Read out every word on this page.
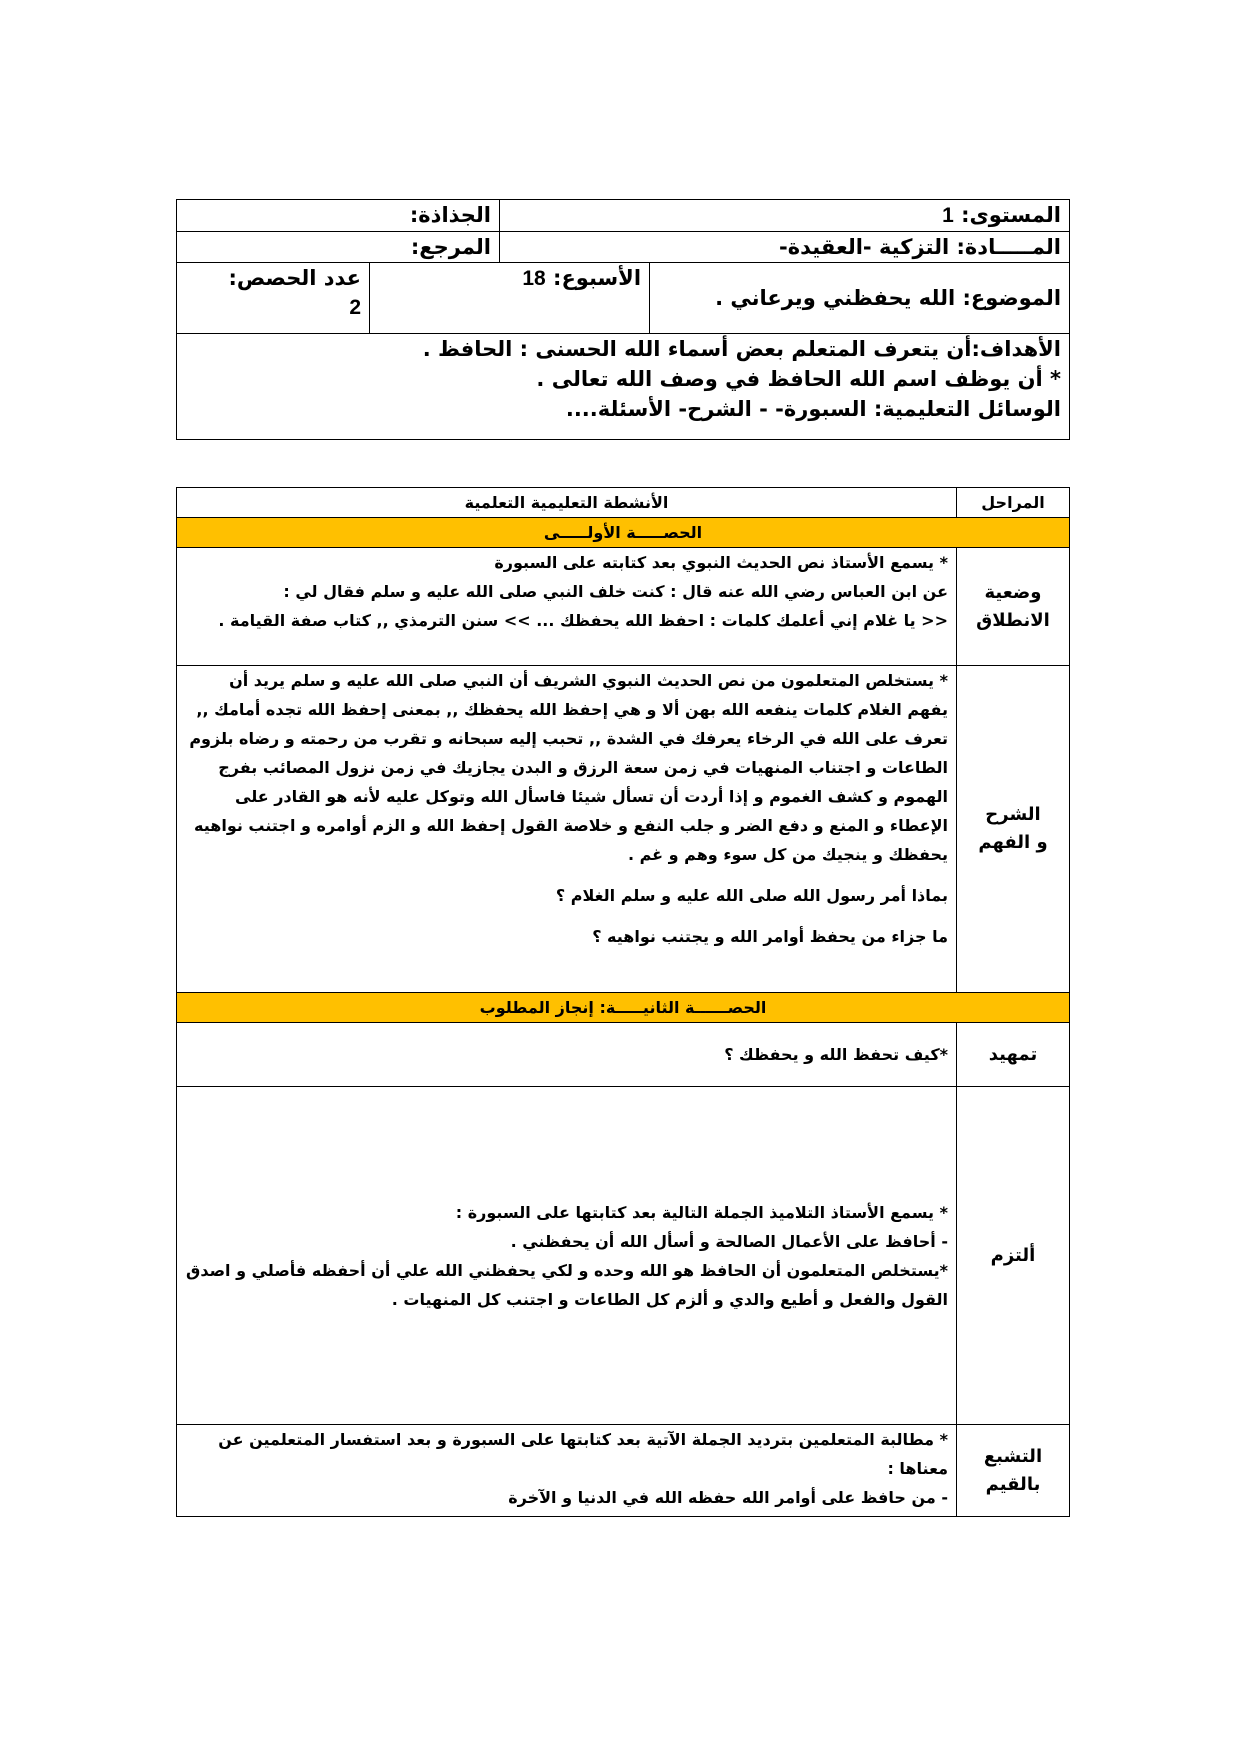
المستوى: 1		الجذاذة:	
المـــــادة: التزكية -العقيدة-		المرجع:	
الموضوع: الله يحفظني ويرعاني .	الأسبوع: 18		عدد الحصص:
2

الأهداف:أن يتعرف المتعلم بعض أسماء الله الحسنى : الحافظ .
* أن يوظف اسم الله الحافظ في وصف الله تعالى .
الوسائل التعليمية: السبورة- - الشرح- الأسئلة....			
المراحل	الأنشطة التعليمية التعلمية
الحصـــــة الأولـــــى	

وضعية
الانطلاق	* يسمع الأستاذ نص الحديث النبوي بعد كتابته على السبورة
عن ابن العباس رضي الله عنه قال : كنت خلف النبي صلى الله عليه و سلم فقال لي :
<< يا غلام إني أعلمك كلمات : احفظ الله يحفظك ... >> سنن الترمذي ,, كتاب صفة القيامة .

الشرح
و الفهم	* يستخلص المتعلمون من نص الحديث النبوي الشريف أن النبي صلى الله عليه و سلم يريد أن يفهم الغلام كلمات ينفعه الله بهن ألا و هي إحفظ الله يحفظك ,, بمعنى إحفظ الله تجده أمامك ,, تعرف على الله في الرخاء يعرفك في الشدة ,, تحبب إليه سبحانه و تقرب من رحمته و رضاه بلزوم الطاعات و اجتناب المنهيات في زمن سعة الرزق و البدن يجازيك في زمن نزول المصائب بفرج الهموم و كشف الغموم و إذا أردت أن تسأل شيئا فاسأل الله وتوكل عليه لأنه هو القادر على الإعطاء و المنع و دفع الضر و جلب النفع و خلاصة القول إحفظ الله و الزم أوامره و اجتنب نواهيه يحفظك و ينجيك من كل سوء وهم و غم .
بماذا أمر رسول الله صلى الله عليه و سلم الغلام ؟
ما جزاء من يحفظ أوامر الله و يجتنب نواهيه ؟

الحصــــــة الثانيـــــة: إنجاز المطلوب	
تمهيد	*كيف تحفظ الله و يحفظك ؟
ألتزم	* يسمع الأستاذ التلاميذ الجملة التالية بعد كتابتها على السبورة :
- أحافظ على الأعمال الصالحة و أسأل الله أن يحفظني .
*يستخلص المتعلمون أن الحافظ هو الله وحده و لكي يحفظني الله علي أن أحفظه فأصلي و اصدق القول والفعل و أطيع والدي و ألزم كل الطاعات و اجتنب كل المنهيات .

التشبع بالقيم	* مطالبة المتعلمين بترديد الجملة الآتية بعد كتابتها على السبورة و بعد استفسار المتعلمين عن معناها :
- من حافظ على أوامر الله حفظه الله في الدنيا و الآخرة
